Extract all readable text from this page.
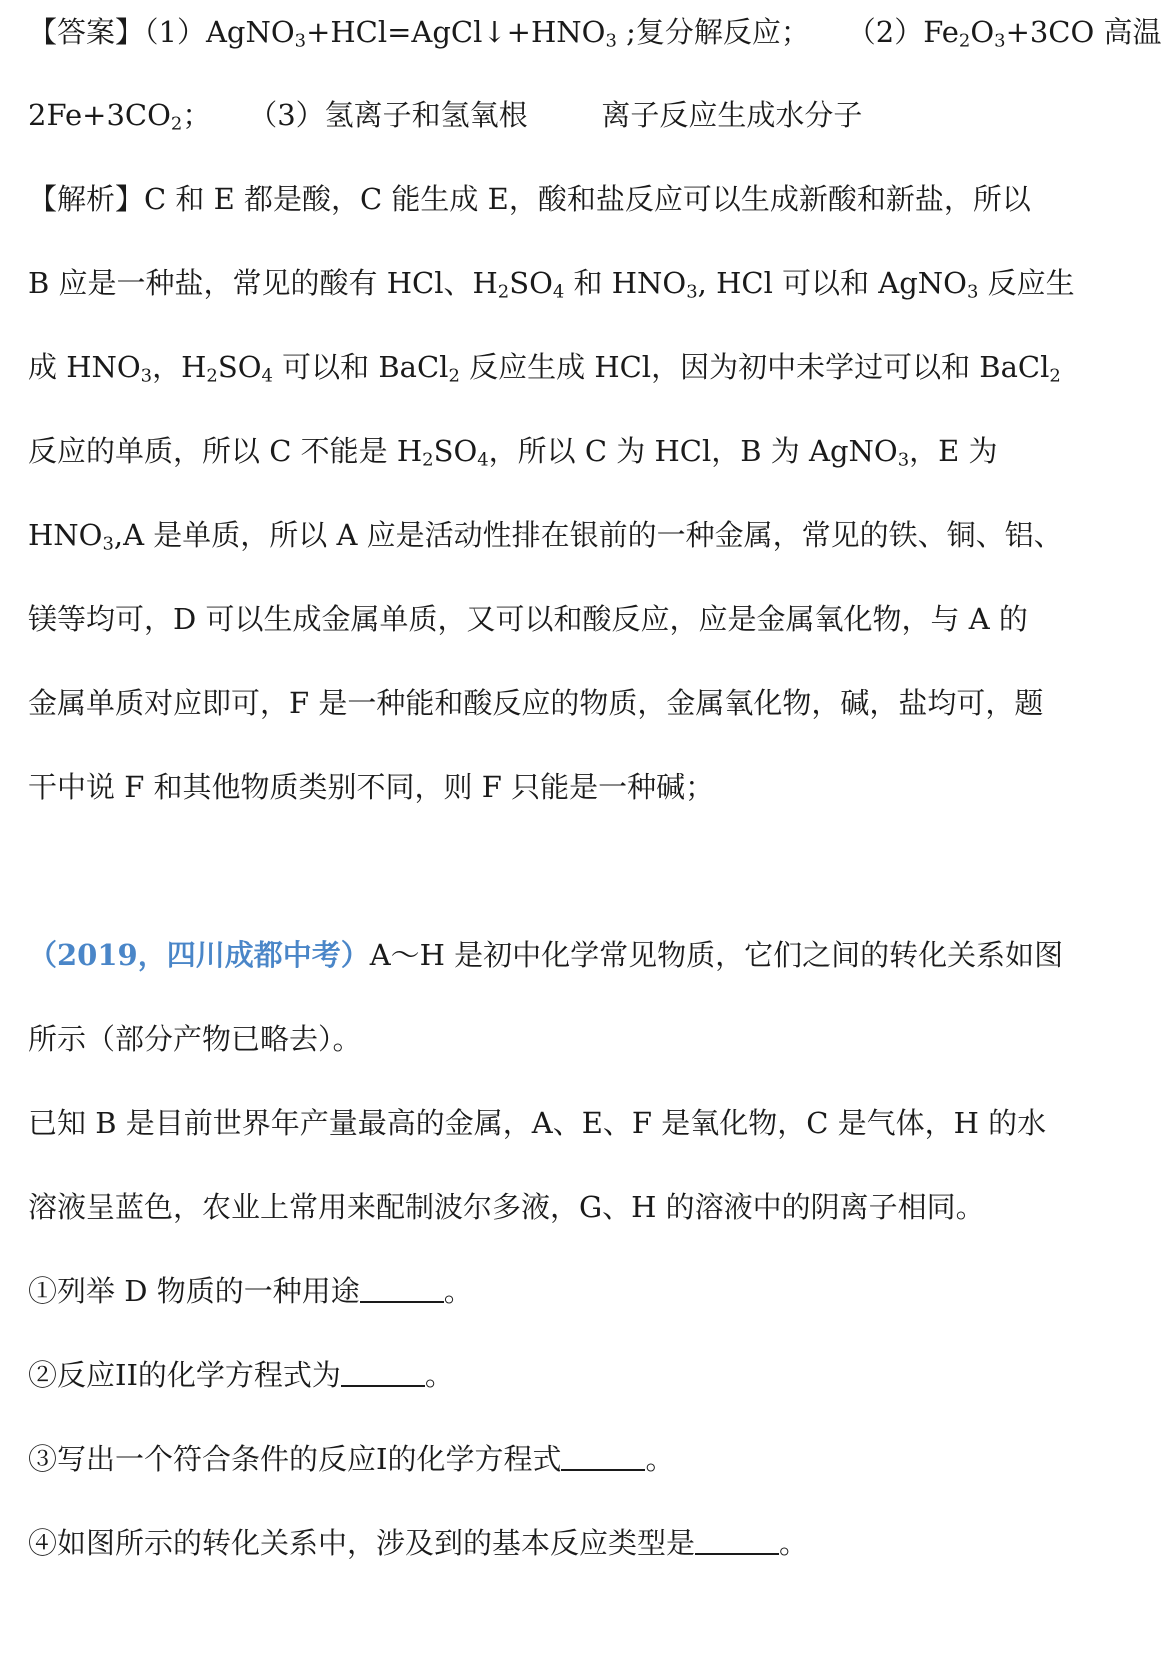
【答案】$(1)AgNO_3+HCl=AgCl↓+HNO_3$ ;复分解反应； $(2)Fe_2O_3+3CO$ 高温
$2Fe+3CO_2$； （3）氢离子和氢氧根	离子反应生成水分子
【解析】C 和 E 都是酸，C 能生成 E，酸和盐反应可以生成新酸和新盐，所以
B 应是一种盐，常见的酸有 HCl、$H_2SO_4$ 和 $HNO_3$, HCl 可以和 AgNO$_3$ 反应生
成 $HNO_3$，$H_2SO_4$ 可以和 BaCl$_2$ 反应生成 HCl，因为初中未学过可以和 BaCl$_2$
反应的单质，所以 C 不能是 $H_2SO_4$，所以 C 为 HCl，B 为 AgNO$_3$，E 为
$HNO_3,A$ 是单质，所以 A 应是活动性排在银前的一种金属，常见的铁、铜、铝、
镁等均可，D 可以生成金属单质，又可以和酸反应，应是金属氧化物，与 A 的
金属单质对应即可，F 是一种能和酸反应的物质，金属氧化物，碱，盐均可，题
干中说 F 和其他物质类别不同，则 F 只能是一种碱；
（2019，四川成都中考）A～H 是初中化学常见物质，它们之间的转化关系如图
所示（部分产物已略去）。
已知 B 是目前世界年产量最高的金属，A、E、F 是氧化物，C 是气体，H 的水
溶液呈蓝色，农业上常用来配制波尔多液，G、H 的溶液中的阴离子相同。
①列举 D 物质的一种用途	。
②反应II的化学方程式为	。
③写出一个符合条件的反应I的化学方程式	。
④如图所示的转化关系中，涉及到的基本反应类型是	。
